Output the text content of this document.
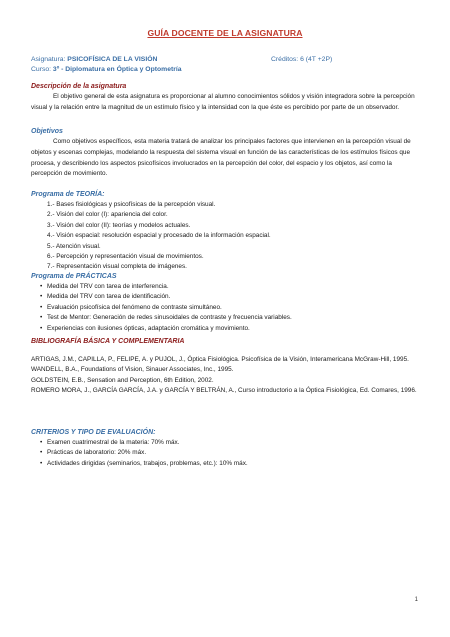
GUÍA DOCENTE DE LA ASIGNATURA
Asignatura: PSICOFÍSICA DE LA VISIÓN	Créditos: 6 (4T +2P)
Curso: 3º - Diplomatura en Óptica y Optometría
Descripción de la asignatura
El objetivo general de esta asignatura es proporcionar al alumno conocimientos sólidos y visión integradora sobre la percepción visual y la relación entre la magnitud de un estímulo físico y la intensidad con la que éste es percibido por parte de un observador.
Objetivos
Como objetivos específicos, esta materia tratará de analizar los principales factores que intervienen en la percepción visual de objetos y escenas complejas, modelando la respuesta del sistema visual en función de las características de los estímulos físicos que procesa, y describiendo los aspectos psicofísicos involucrados en la percepción del color, del espacio y los objetos, así como la percepción de movimiento.
Programa de TEORÍA:
1.- Bases fisiológicas y psicofísicas de la percepción visual.
2.- Visión del color (I): apariencia del color.
3.- Visión del color (II): teorías y modelos actuales.
4.- Visión espacial: resolución espacial y procesado de la información espacial.
5.- Atención visual.
6.- Percepción y representación visual de movimientos.
7.- Representación visual completa de imágenes.
Programa de PRÁCTICAS
• Medida del TRV con tarea de interferencia.
• Medida del TRV con tarea de identificación.
• Evaluación psicofísica del fenómeno de contraste simultáneo.
• Test de Mentor: Generación de redes sinusoidales de contraste y frecuencia variables.
• Experiencias con ilusiones ópticas, adaptación cromática y movimiento.
BIBLIOGRAFÍA BÁSICA Y COMPLEMENTARIA
ARTIGAS, J.M., CAPILLA, P., FELIPE, A. y PUJOL, J., Óptica Fisiológica. Psicofísica de la Visión, Interamericana McGraw-Hill, 1995.
WANDELL, B.A., Foundations of Vision, Sinauer Associates, Inc., 1995.
GOLDSTEIN, E.B., Sensation and Perception, 6th Edition, 2002.
ROMERO MORA, J., GARCÍA GARCÍA, J.A. y GARCÍA Y BELTRÁN, A., Curso introductorio a la Óptica Fisiológica, Ed. Comares, 1996.
CRITERIOS Y TIPO DE EVALUACIÓN:
• Examen cuatrimestral de la materia: 70% máx.
• Prácticas de laboratorio: 20% máx.
• Actividades dirigidas (seminarios, trabajos, problemas, etc.): 10% máx.
1
